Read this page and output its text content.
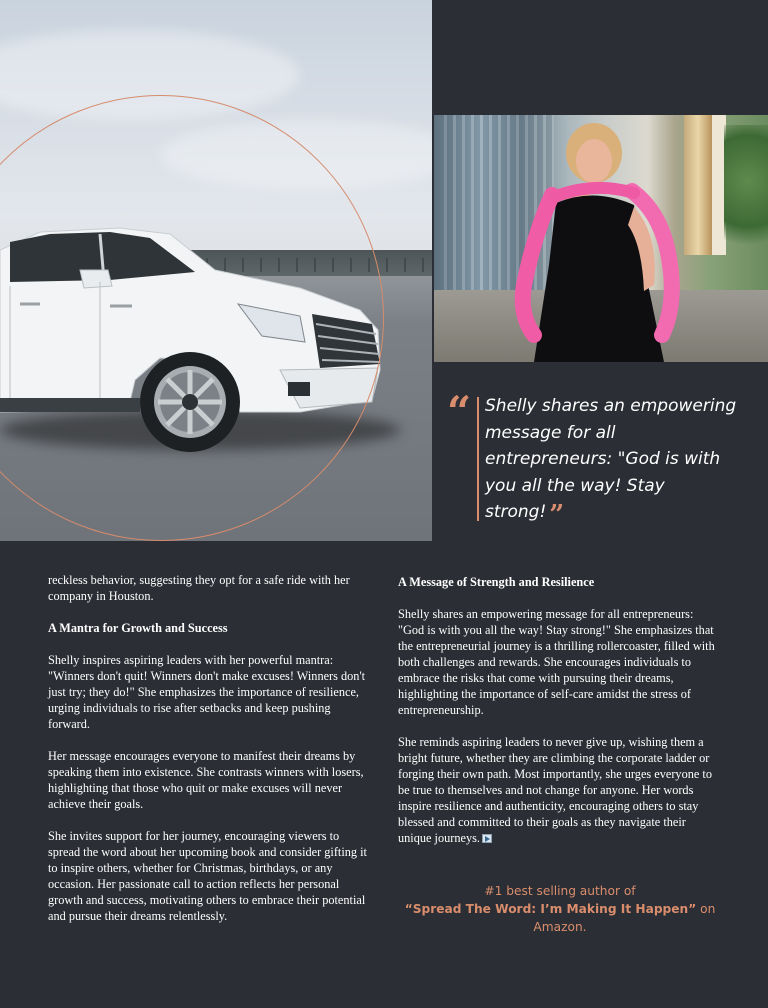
“ Shelly shares an empowering message for all entrepreneurs: "God is with you all the way! Stay strong! ”

reckless behavior, suggesting they opt for a safe ride with her company in Houston.

A Mantra for Growth and Success

Shelly inspires aspiring leaders with her powerful mantra: "Winners don't quit! Winners don't make excuses! Winners don't just try; they do!" She emphasizes the importance of resilience, urging individuals to rise after setbacks and keep pushing forward.

Her message encourages everyone to manifest their dreams by speaking them into existence. She contrasts winners with losers, highlighting that those who quit or make excuses will never achieve their goals.

She invites support for her journey, encouraging viewers to spread the word about her upcoming book and consider gifting it to inspire others, whether for Christmas, birthdays, or any occasion. Her passionate call to action reflects her personal growth and success, motivating others to embrace their potential and pursue their dreams relentlessly.

A Message of Strength and Resilience

Shelly shares an empowering message for all entrepreneurs: "God is with you all the way! Stay strong!" She emphasizes that the entrepreneurial journey is a thrilling rollercoaster, filled with both challenges and rewards. She encourages individuals to embrace the risks that come with pursuing their dreams, highlighting the importance of self-care amidst the stress of entrepreneurship.

She reminds aspiring leaders to never give up, wishing them a bright future, whether they are climbing the corporate ladder or forging their own path. Most importantly, she urges everyone to be true to themselves and not change for anyone. Her words inspire resilience and authenticity, encouraging others to stay blessed and committed to their goals as they navigate their unique journeys.

#1 best selling author of
“Spread The Word: I’m Making It Happen” on Amazon.
